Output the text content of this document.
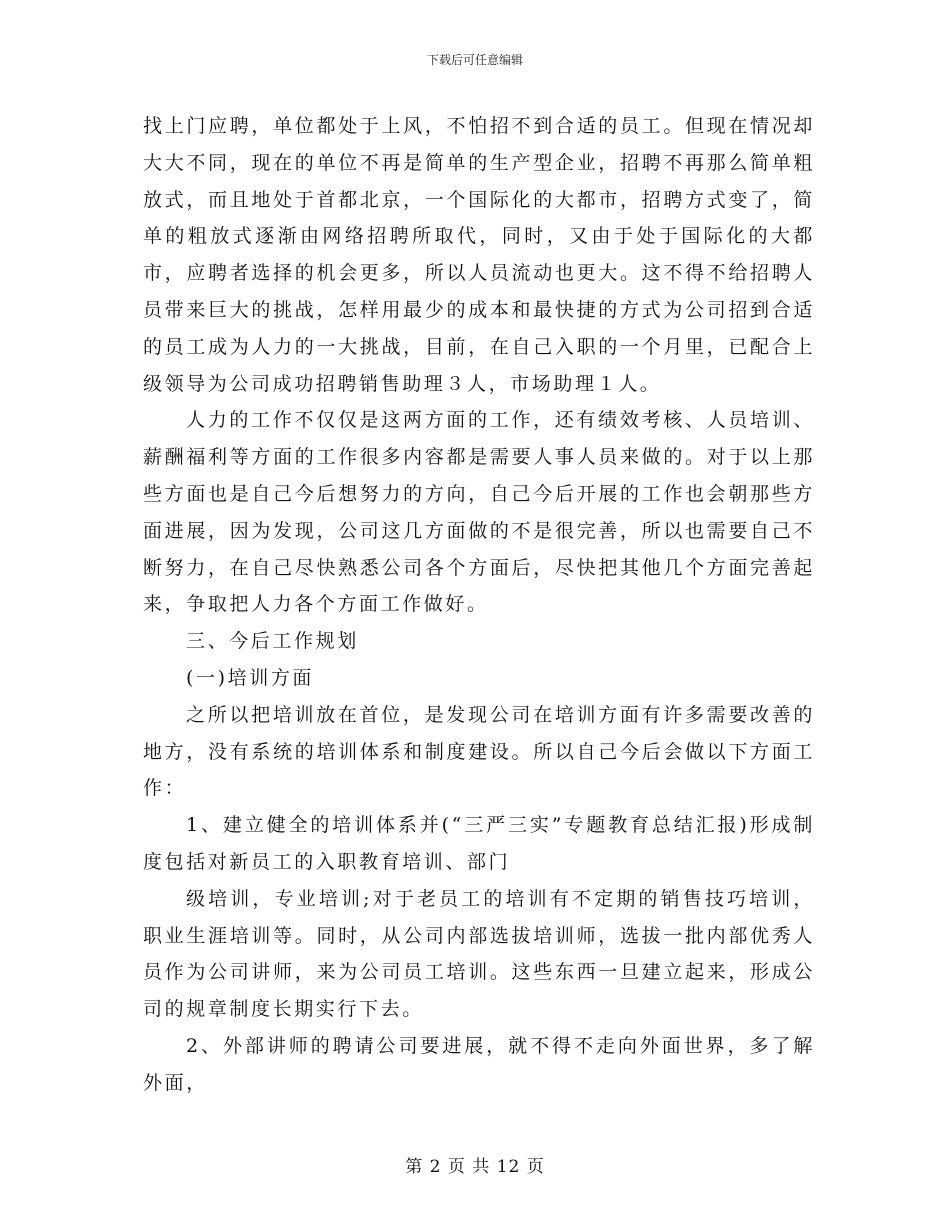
下载后可任意编辑

找上门应聘，单位都处于上风，不怕招不到合适的员工。但现在情况却大大不同，现在的单位不再是简单的生产型企业，招聘不再那么简单粗放式，而且地处于首都北京，一个国际化的大都市，招聘方式变了，简单的粗放式逐渐由网络招聘所取代，同时，又由于处于国际化的大都市，应聘者选择的机会更多，所以人员流动也更大。这不得不给招聘人员带来巨大的挑战，怎样用最少的成本和最快捷的方式为公司招到合适的员工成为人力的一大挑战，目前，在自己入职的一个月里，已配合上级领导为公司成功招聘销售助理３人，市场助理１人。

人力的工作不仅仅是这两方面的工作，还有绩效考核、人员培训、薪酬福利等方面的工作很多内容都是需要人事人员来做的。对于以上那些方面也是自己今后想努力的方向，自己今后开展的工作也会朝那些方面进展，因为发现，公司这几方面做的不是很完善，所以也需要自己不断努力，在自己尽快熟悉公司各个方面后，尽快把其他几个方面完善起来，争取把人力各个方面工作做好。

三、今后工作规划

(一)培训方面

之所以把培训放在首位，是发现公司在培训方面有许多需要改善的地方，没有系统的培训体系和制度建设。所以自己今后会做以下方面工作：

1、建立健全的培训体系并(“三严三实”专题教育总结汇报)形成制度包括对新员工的入职教育培训、部门

级培训，专业培训;对于老员工的培训有不定期的销售技巧培训，职业生涯培训等。同时，从公司内部选拔培训师，选拔一批内部优秀人员作为公司讲师，来为公司员工培训。这些东西一旦建立起来，形成公司的规章制度长期实行下去。

2、外部讲师的聘请公司要进展，就不得不走向外面世界，多了解外面，

第 2 页 共 12 页
